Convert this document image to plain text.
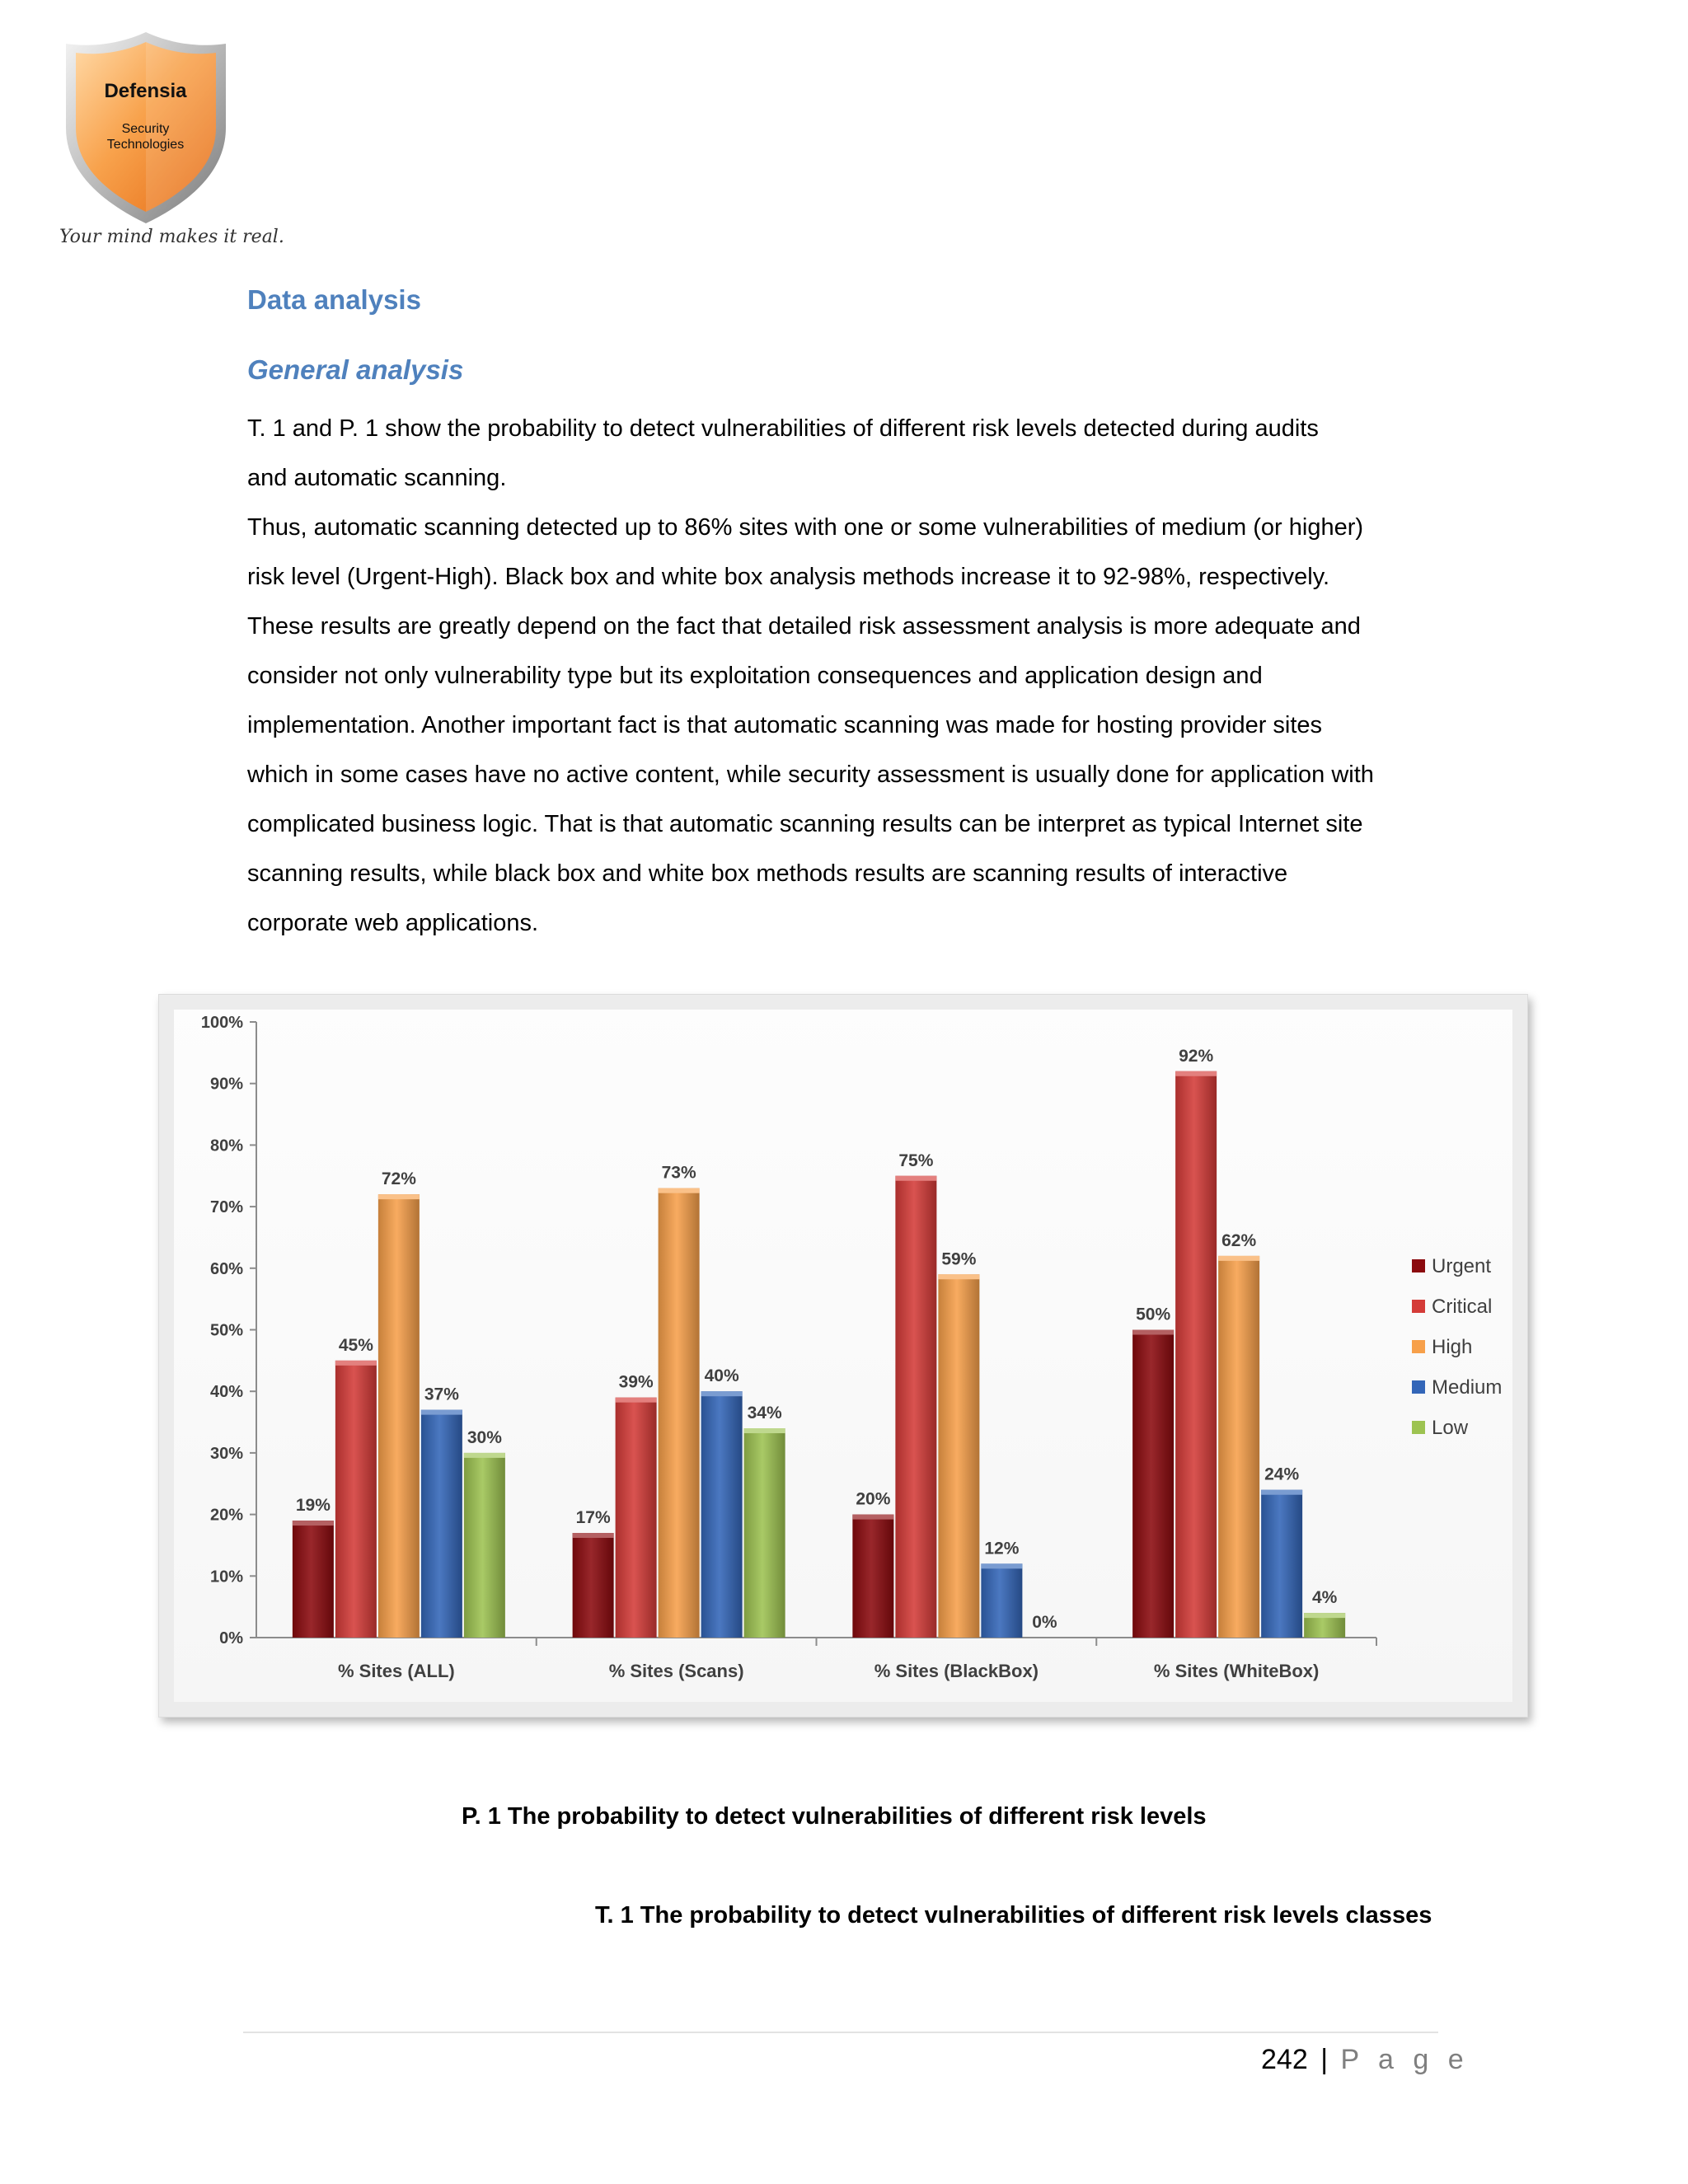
Defensia
Security
Technologies
Your mind makes it real.
Data analysis
General analysis

T. 1 and P. 1 show the probability to detect vulnerabilities of different risk levels detected during audits
and automatic scanning.
Thus, automatic scanning detected up to 86% sites with one or some vulnerabilities of medium (or higher)
risk level (Urgent-High). Black box and white box analysis methods increase it to 92-98%, respectively.
These results are greatly depend on the fact that detailed risk assessment analysis is more adequate and
consider not only vulnerability type but its exploitation consequences and application design and
implementation. Another important fact is that automatic scanning was made for hosting provider sites
which in some cases have no active content, while security assessment is usually done for application with
complicated business logic. That is that automatic scanning results can be interpret as typical Internet site
scanning results, while black box and white box methods results are scanning results of interactive
corporate web applications.

0%
10%
20%
30%
40%
50%
60%
70%
80%
90%
100%
19%
45%
72%
37%
30%
% Sites (ALL)
17%
39%
73%
40%
34%
% Sites (Scans)
20%
75%
59%
12%
0%
% Sites (BlackBox)
50%
92%
62%
24%
4%
% Sites (WhiteBox)
Urgent
Critical
High
Medium
Low

P. 1 The probability to detect vulnerabilities of different risk levels

T. 1 The probability to detect vulnerabilities of different risk levels classes

242 | P a g e
